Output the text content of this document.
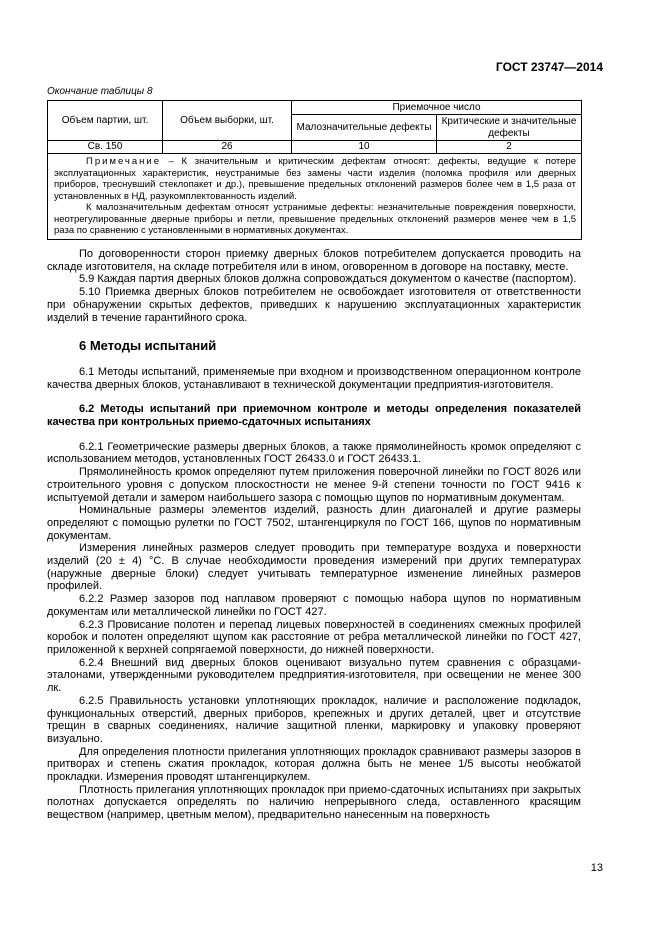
ГОСТ 23747—2014
Окончание таблицы 8
Объем партии, шт.	Объем выборки, шт.	Приемочное число	
		Малозначительные дефекты	Критические и значительные дефекты
Св. 150	26	10	2

Примечание – К значительным и критическим дефектам относят: дефекты, ведущие к потере эксплуатационных характеристик, неустранимые без замены части изделия (поломка профиля или дверных приборов, треснувший стеклопакет и др.), превышение предельных отклонений размеров более чем в 1,5 раза от установленных в НД, разукомплектованность изделий.

К малозначительным дефектам относят устранимые дефекты: незначительные повреждения поверхности, неотрегулированные дверные приборы и петли, превышение предельных отклонений размеров менее чем в 1,5 раза по сравнению с установленными в нормативных документах.			

По договоренности сторон приемку дверных блоков потребителем допускается проводить на складе изготовителя, на складе потребителя или в ином, оговоренном в договоре на поставку, месте.

5.9 Каждая партия дверных блоков должна сопровождаться документом о качестве (паспортом).

5.10 Приемка дверных блоков потребителем не освобождает изготовителя от ответственности при обнаружении скрытых дефектов, приведших к нарушению эксплуатационных характеристик изделий в течение гарантийного срока.

6 Методы испытаний

6.1 Методы испытаний, применяемые при входном и производственном операционном контроле качества дверных блоков, устанавливают в технической документации предприятия-изготовителя.

6.2 Методы испытаний при приемочном контроле и методы определения показателей качества при контрольных приемо-сдаточных испытаниях

6.2.1 Геометрические размеры дверных блоков, а также прямолинейность кромок определяют с использованием методов, установленных ГОСТ 26433.0 и ГОСТ 26433.1.

Прямолинейность кромок определяют путем приложения поверочной линейки по ГОСТ 8026 или строительного уровня с допуском плоскостности не менее 9-й степени точности по ГОСТ 9416 к испытуемой детали и замером наибольшего зазора с помощью щупов по нормативным документам.

Номинальные размеры элементов изделий, разность длин диагоналей и другие размеры определяют с помощью рулетки по ГОСТ 7502, штангенциркуля по ГОСТ 166, щупов по нормативным документам.

Измерения линейных размеров следует проводить при температуре воздуха и поверхности изделий (20 ± 4) °С. В случае необходимости проведения измерений при других температурах (наружные дверные блоки) следует учитывать температурное изменение линейных размеров профилей.

6.2.2 Размер зазоров под наплавом проверяют с помощью набора щупов по нормативным документам или металлической линейки по ГОСТ 427.

6.2.3 Провисание полотен и перепад лицевых поверхностей в соединениях смежных профилей коробок и полотен определяют щупом как расстояние от ребра металлической линейки по ГОСТ 427, приложенной к верхней сопрягаемой поверхности, до нижней поверхности.

6.2.4 Внешний вид дверных блоков оценивают визуально путем сравнения с образцами-эталонами, утвержденными руководителем предприятия-изготовителя, при освещении не менее 300 лк.

6.2.5 Правильность установки уплотняющих прокладок, наличие и расположение подкладок, функциональных отверстий, дверных приборов, крепежных и других деталей, цвет и отсутствие трещин в сварных соединениях, наличие защитной пленки, маркировку и упаковку проверяют визуально.

Для определения плотности прилегания уплотняющих прокладок сравнивают размеры зазоров в притворах и степень сжатия прокладок, которая должна быть не менее 1/5 высоты необжатой прокладки. Измерения проводят штангенциркулем.

Плотность прилегания уплотняющих прокладок при приемо-сдаточных испытаниях при закрытых полотнах допускается определять по наличию непрерывного следа, оставленного красящим веществом (например, цветным мелом), предварительно нанесенным на поверхность

13
